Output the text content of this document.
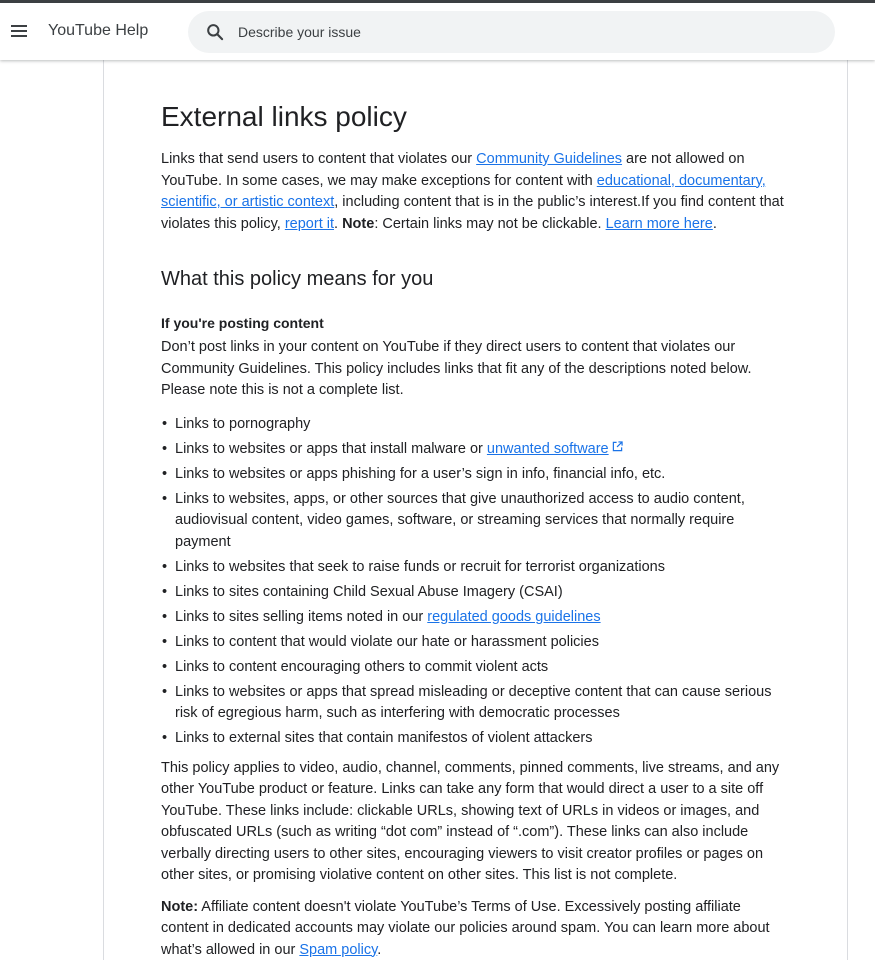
YouTube Help
Describe your issue
External links policy

Links that send users to content that violates our Community Guidelines are not allowed on YouTube. In some cases, we may make exceptions for content with educational, documentary, scientific, or artistic context, including content that is in the public’s interest.If you find content that violates this policy, report it. Note: Certain links may not be clickable. Learn more here.

What this policy means for you
If you're posting content

Don’t post links in your content on YouTube if they direct users to content that violates our Community Guidelines. This policy includes links that fit any of the descriptions noted below. Please note this is not a complete list.

• Links to pornography
• Links to websites or apps that install malware or unwanted software
• Links to websites or apps phishing for a user’s sign in info, financial info, etc.
• Links to websites, apps, or other sources that give unauthorized access to audio content, audiovisual content, video games, software, or streaming services that normally require payment
• Links to websites that seek to raise funds or recruit for terrorist organizations
• Links to sites containing Child Sexual Abuse Imagery (CSAI)
• Links to sites selling items noted in our regulated goods guidelines
• Links to content that would violate our hate or harassment policies
• Links to content encouraging others to commit violent acts
• Links to websites or apps that spread misleading or deceptive content that can cause serious risk of egregious harm, such as interfering with democratic processes
• Links to external sites that contain manifestos of violent attackers

This policy applies to video, audio, channel, comments, pinned comments, live streams, and any other YouTube product or feature. Links can take any form that would direct a user to a site off YouTube. These links include: clickable URLs, showing text of URLs in videos or images, and obfuscated URLs (such as writing “dot com” instead of “.com”). These links can also include verbally directing users to other sites, encouraging viewers to visit creator profiles or pages on other sites, or promising violative content on other sites. This list is not complete.

Note: Affiliate content doesn't violate YouTube’s Terms of Use. Excessively posting affiliate content in dedicated accounts may violate our policies around spam. You can learn more about what’s allowed in our Spam policy.
